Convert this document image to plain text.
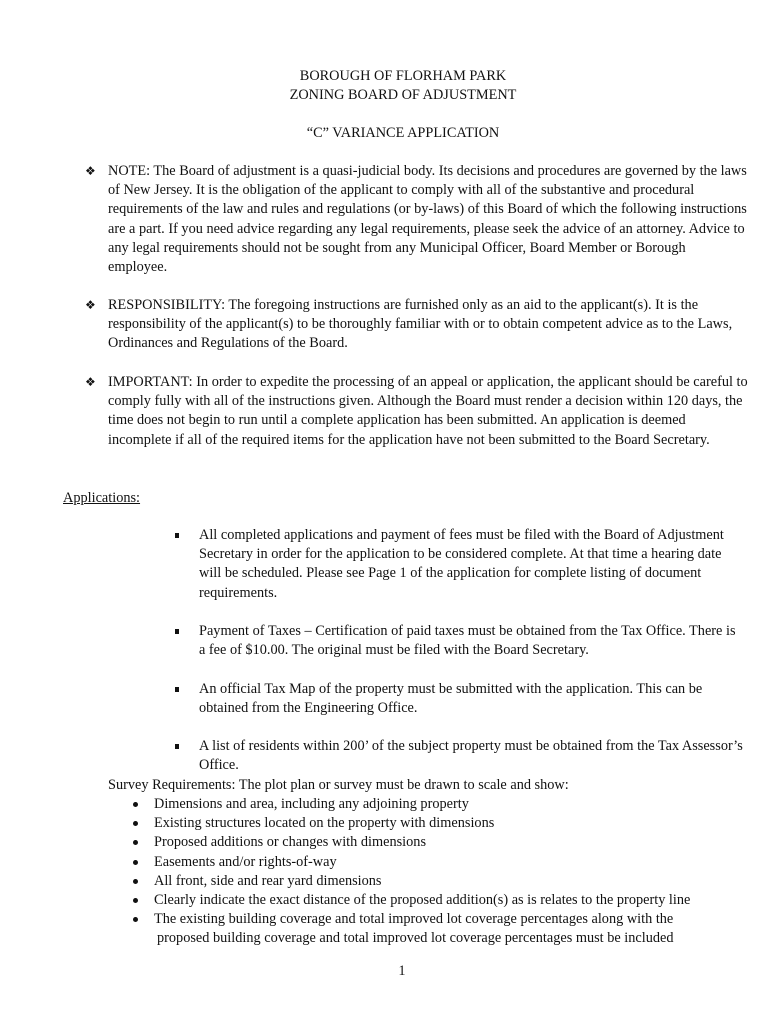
BOROUGH OF FLORHAM PARK
ZONING BOARD OF ADJUSTMENT
“C” VARIANCE APPLICATION
❖ NOTE: The Board of adjustment is a quasi-judicial body. Its decisions and procedures are governed by the laws of New Jersey. It is the obligation of the applicant to comply with all of the substantive and procedural requirements of the law and rules and regulations (or by-laws) of this Board of which the following instructions are a part. If you need advice regarding any legal requirements, please seek the advice of an attorney. Advice to any legal requirements should not be sought from any Municipal Officer, Board Member or Borough employee.
❖ RESPONSIBILITY: The foregoing instructions are furnished only as an aid to the applicant(s). It is the responsibility of the applicant(s) to be thoroughly familiar with or to obtain competent advice as to the Laws, Ordinances and Regulations of the Board.
❖ IMPORTANT: In order to expedite the processing of an appeal or application, the applicant should be careful to comply fully with all of the instructions given. Although the Board must render a decision within 120 days, the time does not begin to run until a complete application has been submitted. An application is deemed incomplete if all of the required items for the application have not been submitted to the Board Secretary.
Applications:
All completed applications and payment of fees must be filed with the Board of Adjustment Secretary in order for the application to be considered complete. At that time a hearing date will be scheduled. Please see Page 1 of the application for complete listing of document requirements.
Payment of Taxes – Certification of paid taxes must be obtained from the Tax Office. There is a fee of $10.00. The original must be filed with the Board Secretary.
An official Tax Map of the property must be submitted with the application. This can be obtained from the Engineering Office.
A list of residents within 200’ of the subject property must be obtained from the Tax Assessor’s Office.
Survey Requirements: The plot plan or survey must be drawn to scale and show:
Dimensions and area, including any adjoining property
Existing structures located on the property with dimensions
Proposed additions or changes with dimensions
Easements and/or rights-of-way
All front, side and rear yard dimensions
Clearly indicate the exact distance of the proposed addition(s) as is relates to the property line
The existing building coverage and total improved lot coverage percentages along with the
proposed building coverage and total improved lot coverage percentages must be included
1
